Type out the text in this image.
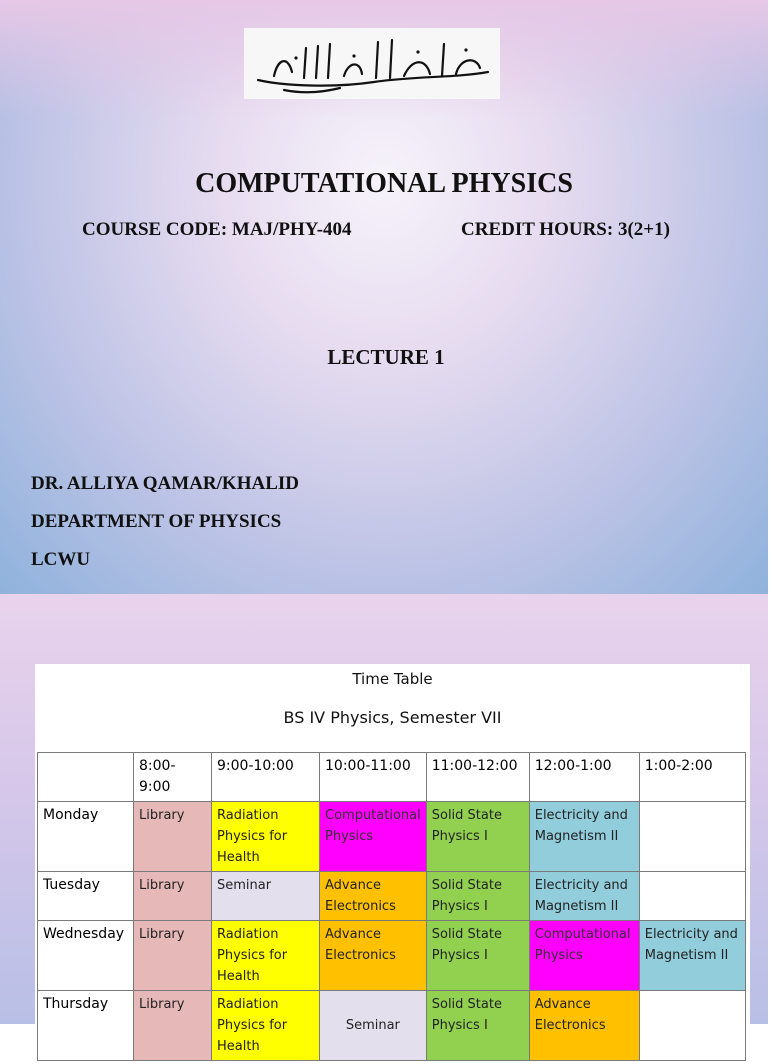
COMPUTATIONAL PHYSICS
COURSE CODE: MAJ/PHY-404	CREDIT HOURS: 3(2+1)
LECTURE 1
DR. ALLIYA QAMAR/KHALID
DEPARTMENT OF PHYSICS
LCWU
Time Table
BS IV Physics, Semester VII
	8:00-9:00	9:00-10:00	10:00-11:00	11:00-12:00	12:00-1:00	1:00-2:00
Monday	Library	Radiation Physics for Health	Computational Physics	Solid State Physics I	Electricity and Magnetism II	
Tuesday	Library	Seminar	Advance Electronics	Solid State Physics I	Electricity and Magnetism II	
Wednesday	Library	Radiation Physics for Health	Advance Electronics	Solid State Physics I	Computational Physics	Electricity and Magnetism II
Thursday	Library	Radiation Physics for Health	Seminar	Solid State Physics I	Advance Electronics	
